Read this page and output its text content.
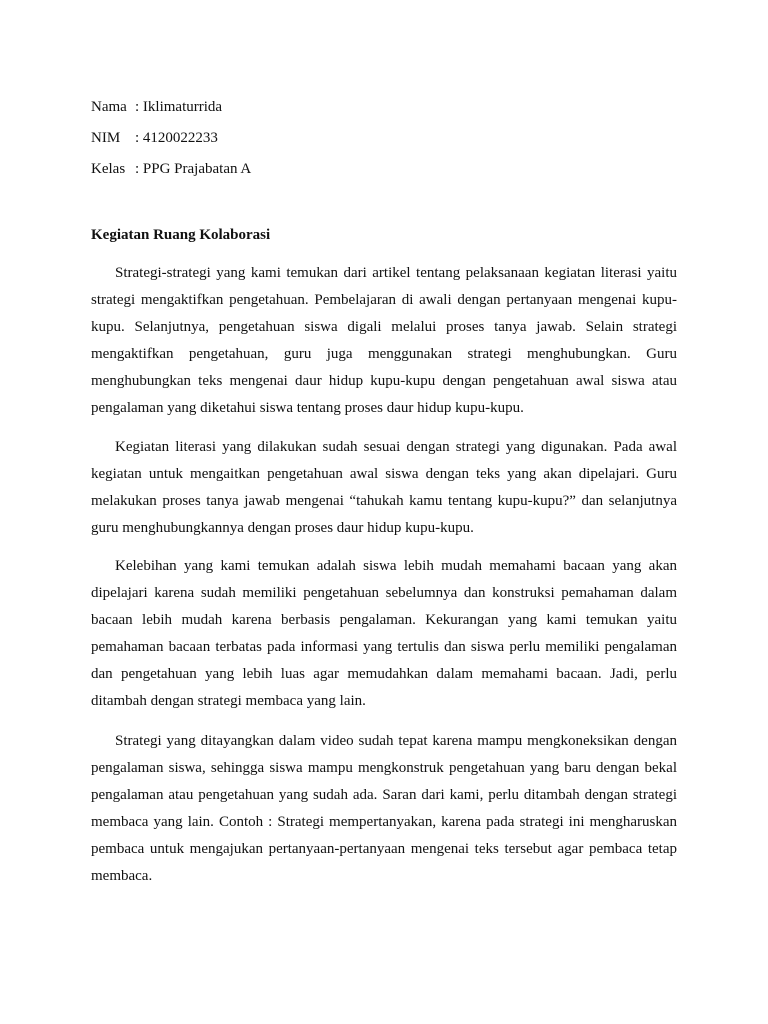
Nama : Iklimaturrida
NIM : 4120022233
Kelas : PPG Prajabatan A
Kegiatan Ruang Kolaborasi

Strategi-strategi yang kami temukan dari artikel tentang pelaksanaan kegiatan literasi yaitu strategi mengaktifkan pengetahuan. Pembelajaran di awali dengan pertanyaan mengenai kupu-kupu. Selanjutnya, pengetahuan siswa digali melalui proses tanya jawab. Selain strategi mengaktifkan pengetahuan, guru juga menggunakan strategi menghubungkan. Guru menghubungkan teks mengenai daur hidup kupu-kupu dengan pengetahuan awal siswa atau pengalaman yang diketahui siswa tentang proses daur hidup kupu-kupu.

Kegiatan literasi yang dilakukan sudah sesuai dengan strategi yang digunakan. Pada awal kegiatan untuk mengaitkan pengetahuan awal siswa dengan teks yang akan dipelajari. Guru melakukan proses tanya jawab mengenai “tahukah kamu tentang kupu-kupu?” dan selanjutnya guru menghubungkannya dengan proses daur hidup kupu-kupu.

Kelebihan yang kami temukan adalah siswa lebih mudah memahami bacaan yang akan dipelajari karena sudah memiliki pengetahuan sebelumnya dan konstruksi pemahaman dalam bacaan lebih mudah karena berbasis pengalaman. Kekurangan yang kami temukan yaitu pemahaman bacaan terbatas pada informasi yang tertulis dan siswa perlu memiliki pengalaman dan pengetahuan yang lebih luas agar memudahkan dalam memahami bacaan. Jadi, perlu ditambah dengan strategi membaca yang lain.

Strategi yang ditayangkan dalam video sudah tepat karena mampu mengkoneksikan dengan pengalaman siswa, sehingga siswa mampu mengkonstruk pengetahuan yang baru dengan bekal pengalaman atau pengetahuan yang sudah ada. Saran dari kami, perlu ditambah dengan strategi membaca yang lain. Contoh : Strategi mempertanyakan, karena pada strategi ini mengharuskan pembaca untuk mengajukan pertanyaan-pertanyaan mengenai teks tersebut agar pembaca tetap membaca.
